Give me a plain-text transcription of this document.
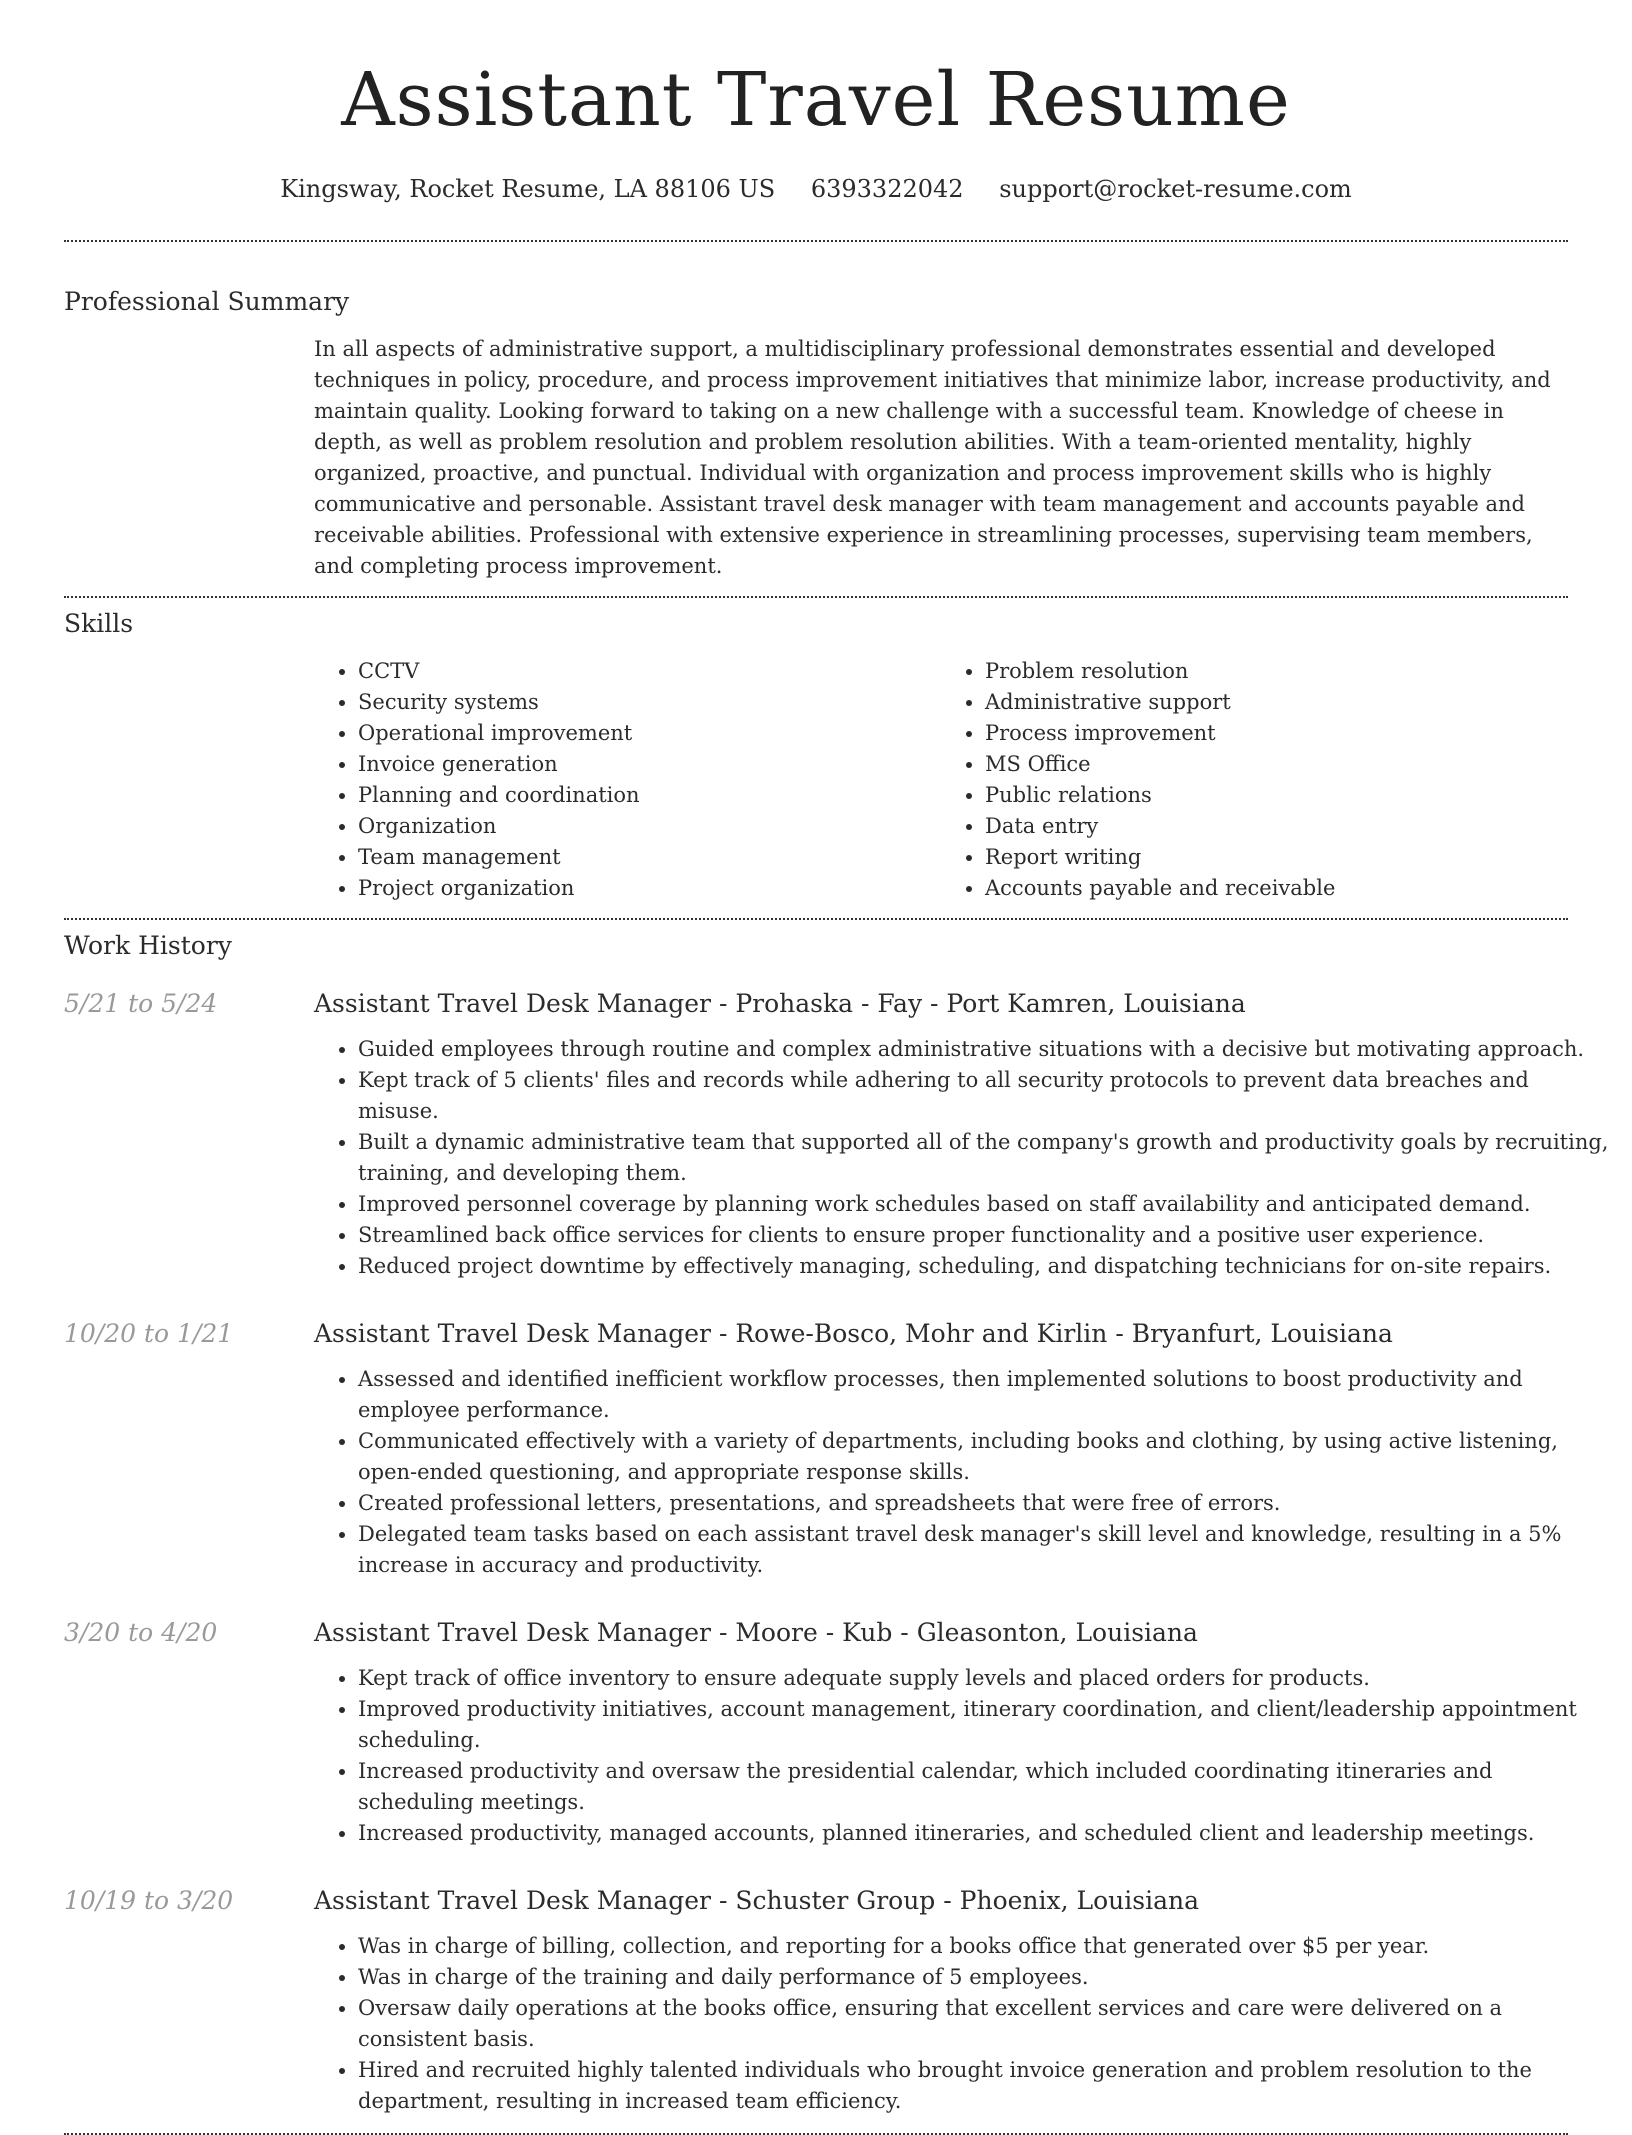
Assistant Travel Resume
Kingsway, Rocket Resume, LA 88106 US 6393322042 support@rocket-resume.com
Professional Summary
In all aspects of administrative support, a multidisciplinary professional demonstrates essential and developed techniques in policy, procedure, and process improvement initiatives that minimize labor, increase productivity, and maintain quality. Looking forward to taking on a new challenge with a successful team. Knowledge of cheese in depth, as well as problem resolution and problem resolution abilities. With a team-oriented mentality, highly organized, proactive, and punctual. Individual with organization and process improvement skills who is highly communicative and personable. Assistant travel desk manager with team management and accounts payable and receivable abilities. Professional with extensive experience in streamlining processes, supervising team members, and completing process improvement.
Skills
• CCTV
• Security systems
• Operational improvement
• Invoice generation
• Planning and coordination
• Organization
• Team management
• Project organization
• Problem resolution
• Administrative support
• Process improvement
• MS Office
• Public relations
• Data entry
• Report writing
• Accounts payable and receivable
Work History
5/21 to 5/24	Assistant Travel Desk Manager - Prohaska - Fay - Port Kamren, Louisiana
• Guided employees through routine and complex administrative situations with a decisive but motivating approach.
• Kept track of 5 clients' files and records while adhering to all security protocols to prevent data breaches and misuse.
• Built a dynamic administrative team that supported all of the company's growth and productivity goals by recruiting, training, and developing them.
• Improved personnel coverage by planning work schedules based on staff availability and anticipated demand.
• Streamlined back office services for clients to ensure proper functionality and a positive user experience.
• Reduced project downtime by effectively managing, scheduling, and dispatching technicians for on-site repairs.
10/20 to 1/21	Assistant Travel Desk Manager - Rowe-Bosco, Mohr and Kirlin - Bryanfurt, Louisiana
• Assessed and identified inefficient workflow processes, then implemented solutions to boost productivity and employee performance.
• Communicated effectively with a variety of departments, including books and clothing, by using active listening, open-ended questioning, and appropriate response skills.
• Created professional letters, presentations, and spreadsheets that were free of errors.
• Delegated team tasks based on each assistant travel desk manager's skill level and knowledge, resulting in a 5% increase in accuracy and productivity.
3/20 to 4/20	Assistant Travel Desk Manager - Moore - Kub - Gleasonton, Louisiana
• Kept track of office inventory to ensure adequate supply levels and placed orders for products.
• Improved productivity initiatives, account management, itinerary coordination, and client/leadership appointment scheduling.
• Increased productivity and oversaw the presidential calendar, which included coordinating itineraries and scheduling meetings.
• Increased productivity, managed accounts, planned itineraries, and scheduled client and leadership meetings.
10/19 to 3/20	Assistant Travel Desk Manager - Schuster Group - Phoenix, Louisiana
• Was in charge of billing, collection, and reporting for a books office that generated over $5 per year.
• Was in charge of the training and daily performance of 5 employees.
• Oversaw daily operations at the books office, ensuring that excellent services and care were delivered on a consistent basis.
• Hired and recruited highly talented individuals who brought invoice generation and problem resolution to the department, resulting in increased team efficiency.
